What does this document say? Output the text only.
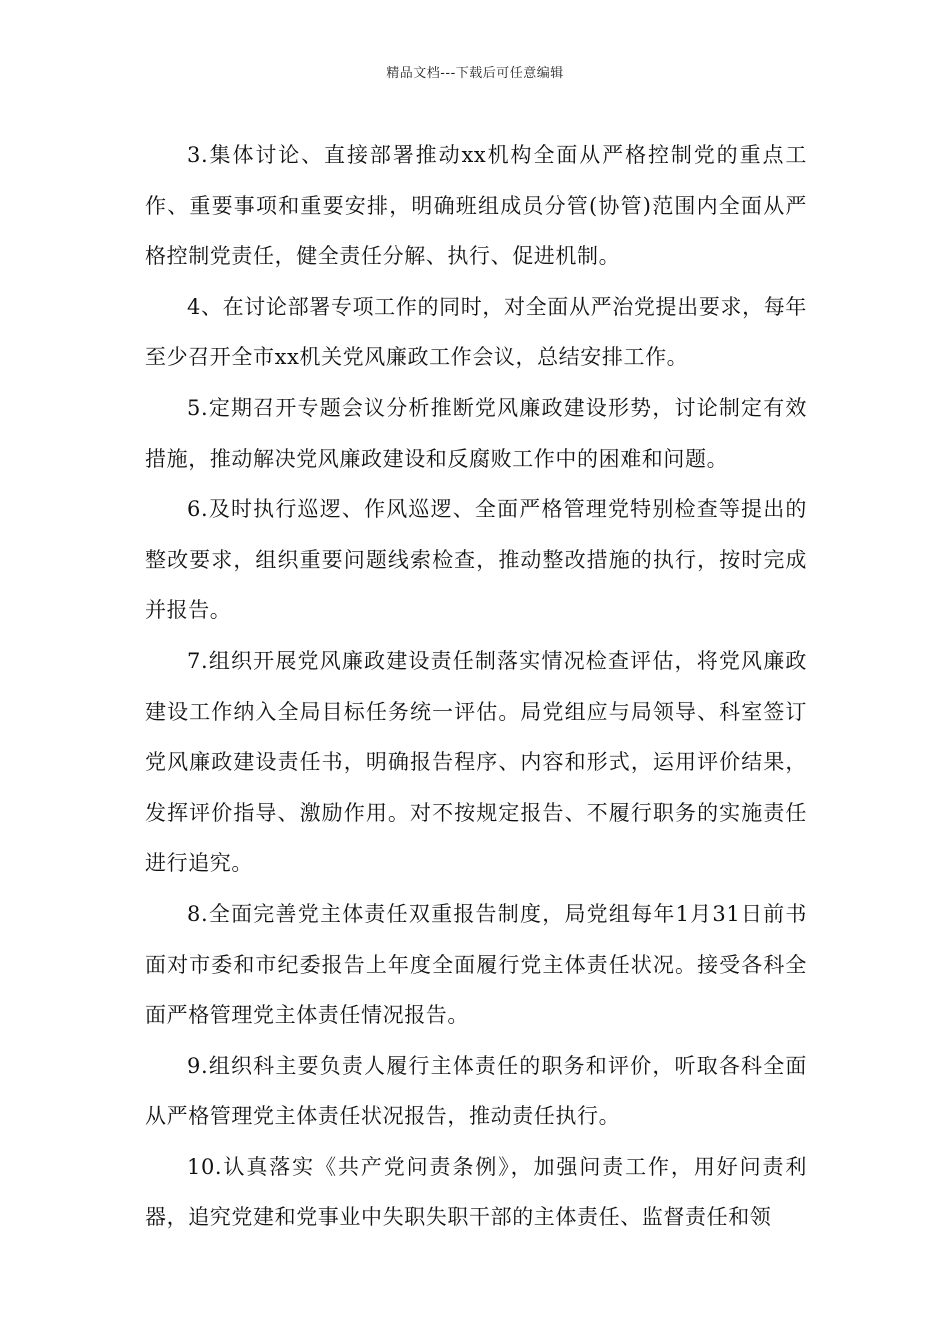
精品文档---下载后可任意编辑

3.集体讨论、直接部署推动xx机构全面从严格控制党的重点工作、重要事项和重要安排，明确班组成员分管(协管)范围内全面从严格控制党责任，健全责任分解、执行、促进机制。

4、在讨论部署专项工作的同时，对全面从严治党提出要求，每年至少召开全市xx机关党风廉政工作会议，总结安排工作。

5.定期召开专题会议分析推断党风廉政建设形势，讨论制定有效措施，推动解决党风廉政建设和反腐败工作中的困难和问题。

6.及时执行巡逻、作风巡逻、全面严格管理党特别检查等提出的整改要求，组织重要问题线索检查，推动整改措施的执行，按时完成并报告。

7.组织开展党风廉政建设责任制落实情况检查评估，将党风廉政建设工作纳入全局目标任务统一评估。局党组应与局领导、科室签订党风廉政建设责任书，明确报告程序、内容和形式，运用评价结果，发挥评价指导、激励作用。对不按规定报告、不履行职务的实施责任进行追究。

8.全面完善党主体责任双重报告制度，局党组每年1月31日前书面对市委和市纪委报告上年度全面履行党主体责任状况。接受各科全面严格管理党主体责任情况报告。

9.组织科主要负责人履行主体责任的职务和评价，听取各科全面从严格管理党主体责任状况报告，推动责任执行。

10.认真落实《共产党问责条例》，加强问责工作，用好问责利器，追究党建和党事业中失职失职干部的主体责任、监督责任和领
